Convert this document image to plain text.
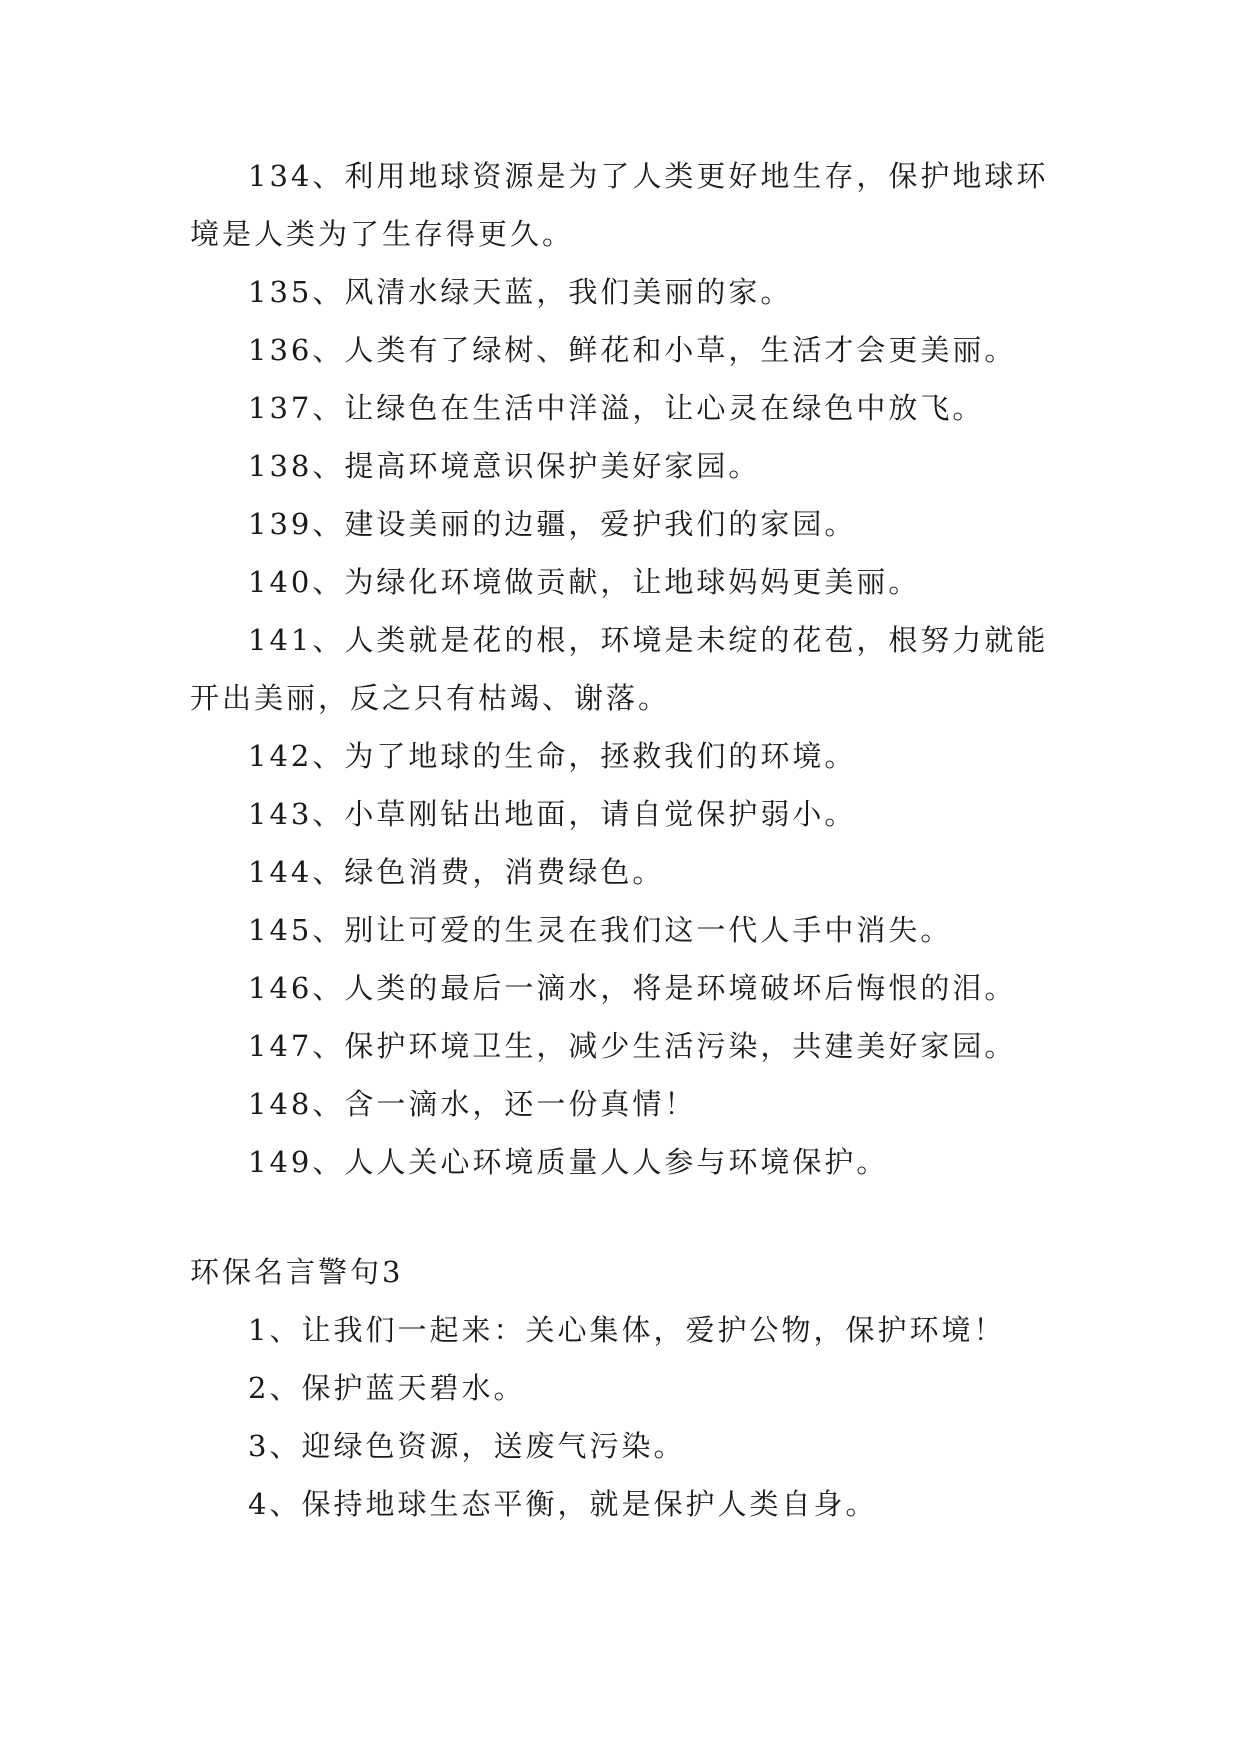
134、利用地球资源是为了人类更好地生存，保护地球环境是人类为了生存得更久。

135、风清水绿天蓝，我们美丽的家。

136、人类有了绿树、鲜花和小草，生活才会更美丽。

137、让绿色在生活中洋溢，让心灵在绿色中放飞。

138、提高环境意识保护美好家园。

139、建设美丽的边疆，爱护我们的家园。

140、为绿化环境做贡献，让地球妈妈更美丽。

141、人类就是花的根，环境是未绽的花苞，根努力就能开出美丽，反之只有枯竭、谢落。

142、为了地球的生命，拯救我们的环境。

143、小草刚钻出地面，请自觉保护弱小。

144、绿色消费，消费绿色。

145、别让可爱的生灵在我们这一代人手中消失。

146、人类的最后一滴水，将是环境破坏后悔恨的泪。

147、保护环境卫生，减少生活污染，共建美好家园。

148、含一滴水，还一份真情！

149、人人关心环境质量人人参与环境保护。

环保名言警句3

1、让我们一起来：关心集体，爱护公物，保护环境！

2、保护蓝天碧水。

3、迎绿色资源，送废气污染。

4、保持地球生态平衡，就是保护人类自身。
